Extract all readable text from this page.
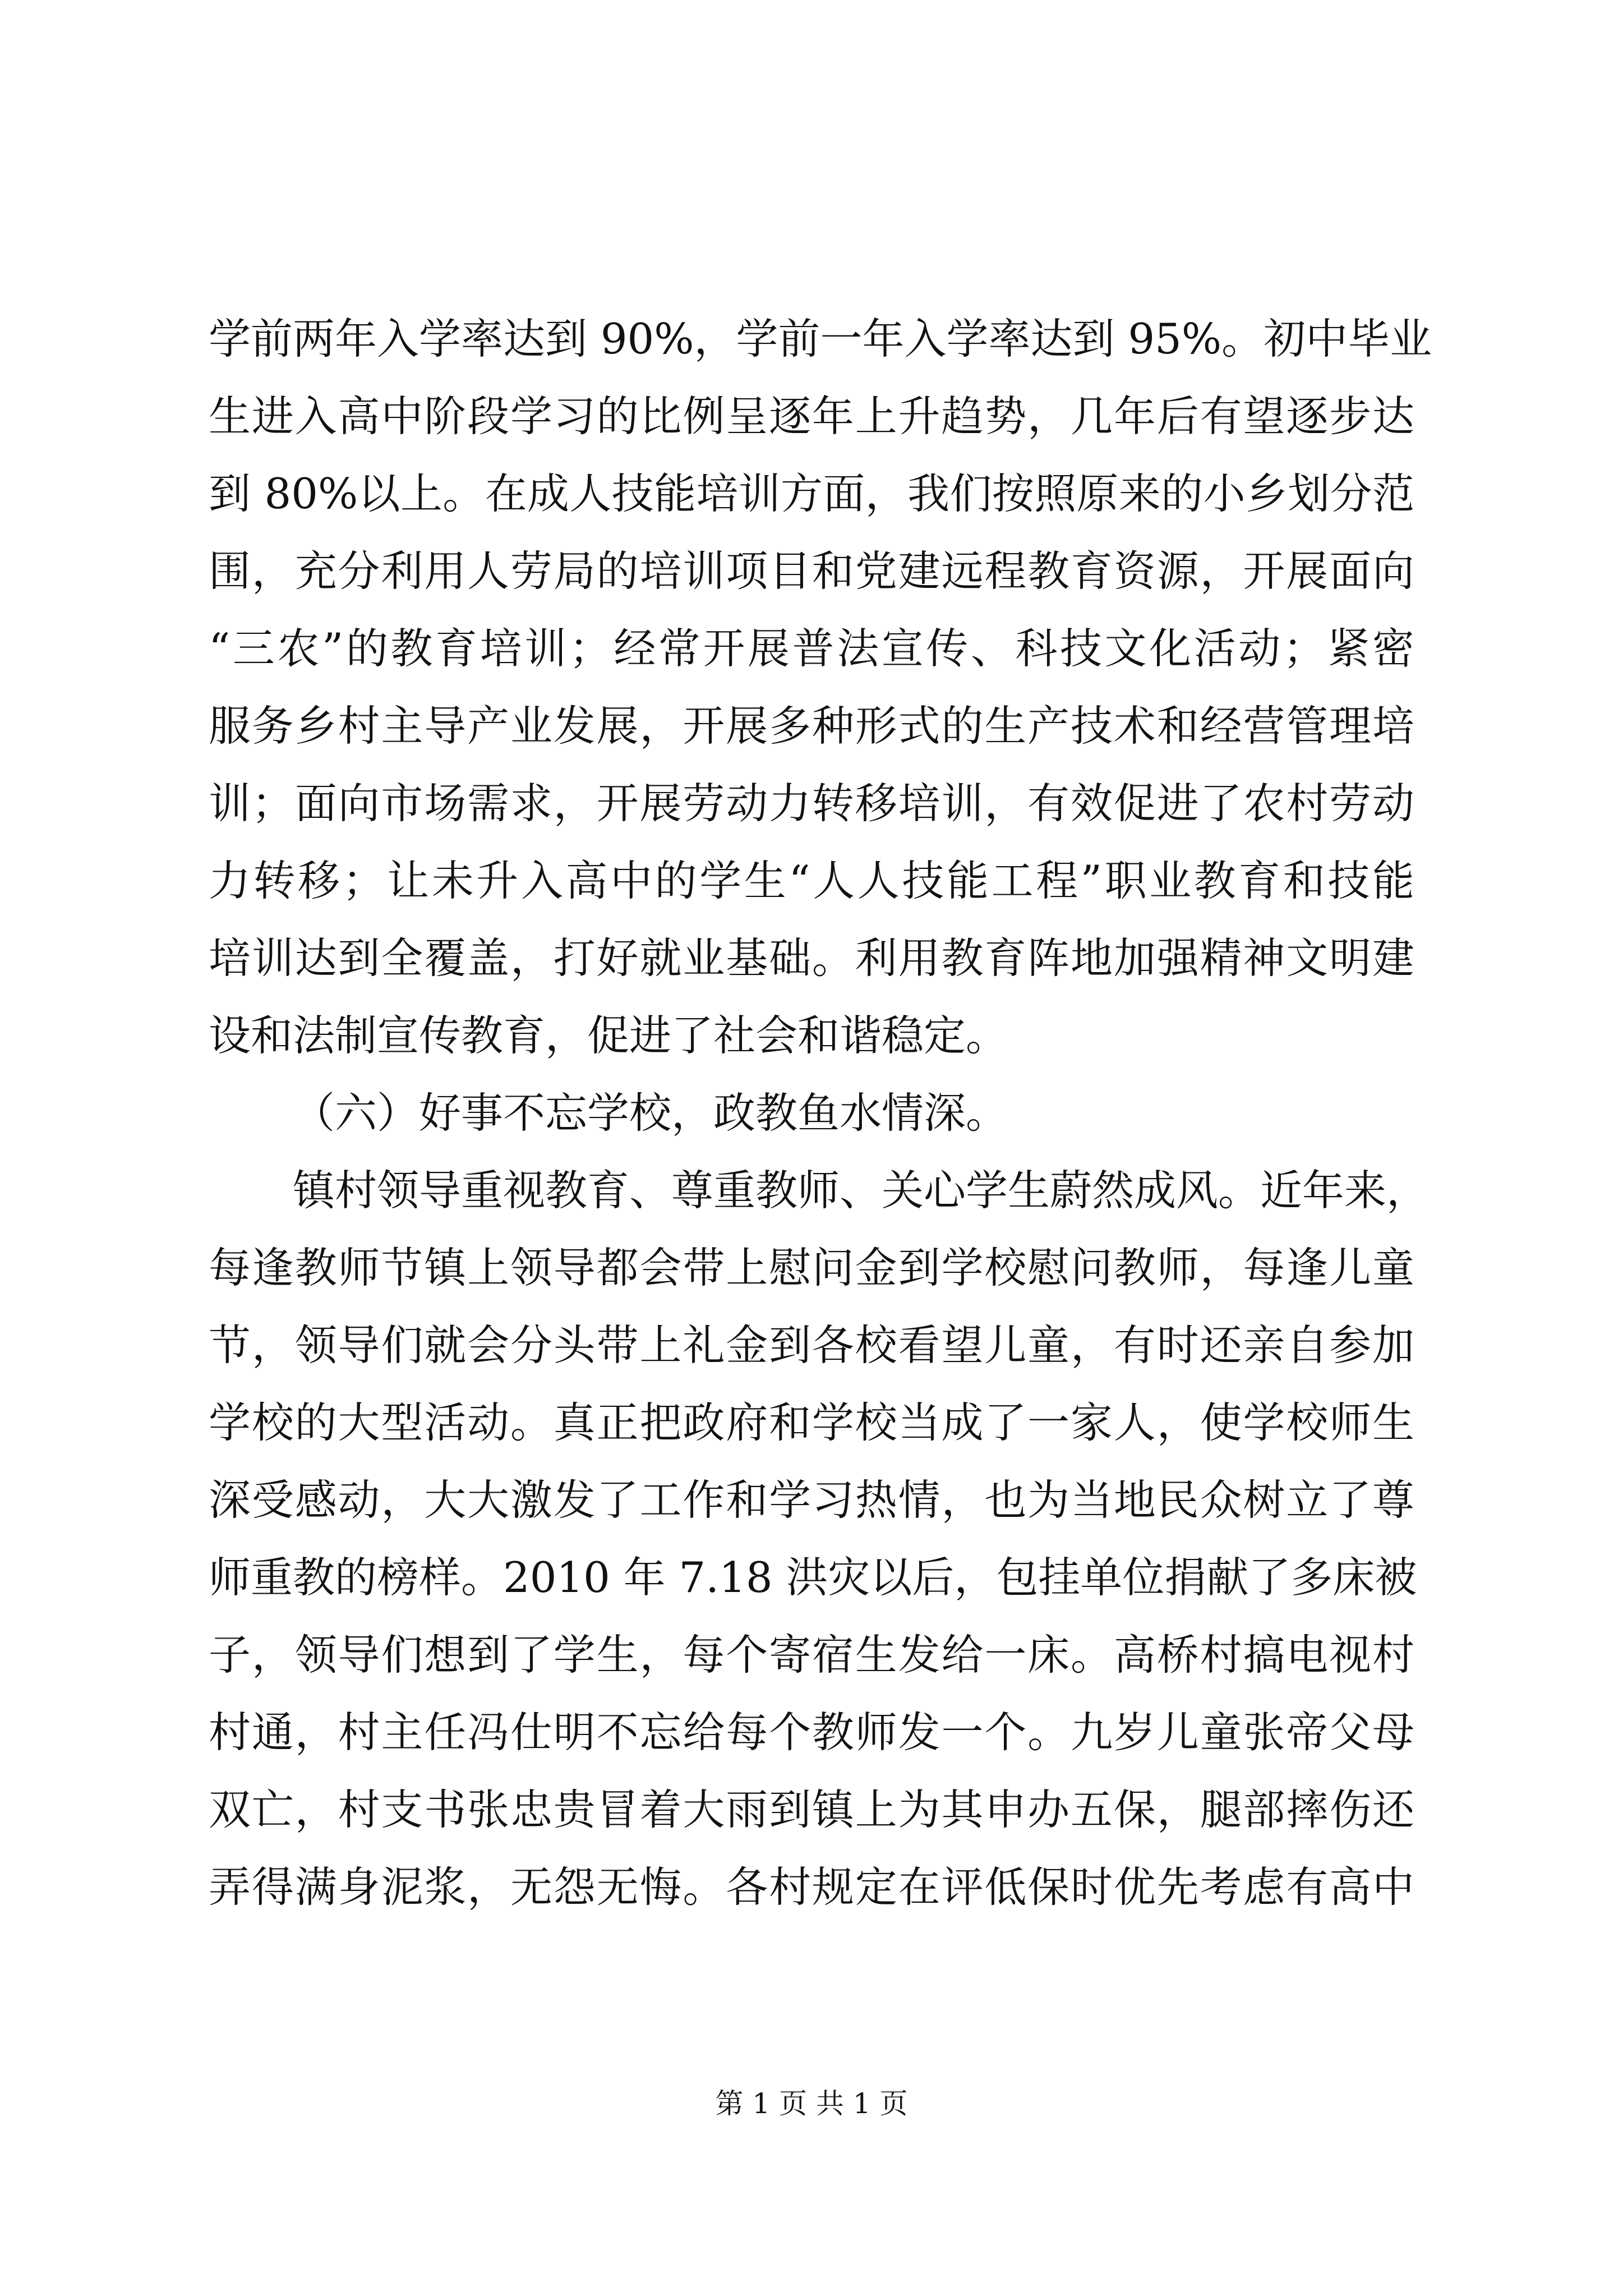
学前两年入学率达到 90%，学前一年入学率达到 95%。初中毕业
生进入高中阶段学习的比例呈逐年上升趋势，几年后有望逐步达
到 80%以上。在成人技能培训方面，我们按照原来的小乡划分范
围，充分利用人劳局的培训项目和党建远程教育资源，开展面向
“三农”的教育培训；经常开展普法宣传、科技文化活动；紧密
服务乡村主导产业发展，开展多种形式的生产技术和经营管理培
训；面向市场需求，开展劳动力转移培训，有效促进了农村劳动
力转移；让未升入高中的学生“人人技能工程”职业教育和技能
培训达到全覆盖，打好就业基础。利用教育阵地加强精神文明建
设和法制宣传教育，促进了社会和谐稳定。
（六）好事不忘学校，政教鱼水情深。
镇村领导重视教育、尊重教师、关心学生蔚然成风。近年来，
每逢教师节镇上领导都会带上慰问金到学校慰问教师，每逢儿童
节，领导们就会分头带上礼金到各校看望儿童，有时还亲自参加
学校的大型活动。真正把政府和学校当成了一家人，使学校师生
深受感动，大大激发了工作和学习热情，也为当地民众树立了尊
师重教的榜样。2010 年 7.18 洪灾以后，包挂单位捐献了多床被
子，领导们想到了学生，每个寄宿生发给一床。高桥村搞电视村
村通，村主任冯仕明不忘给每个教师发一个。九岁儿童张帝父母
双亡，村支书张忠贵冒着大雨到镇上为其申办五保，腿部摔伤还
弄得满身泥浆，无怨无悔。各村规定在评低保时优先考虑有高中
第 1 页 共 1 页
